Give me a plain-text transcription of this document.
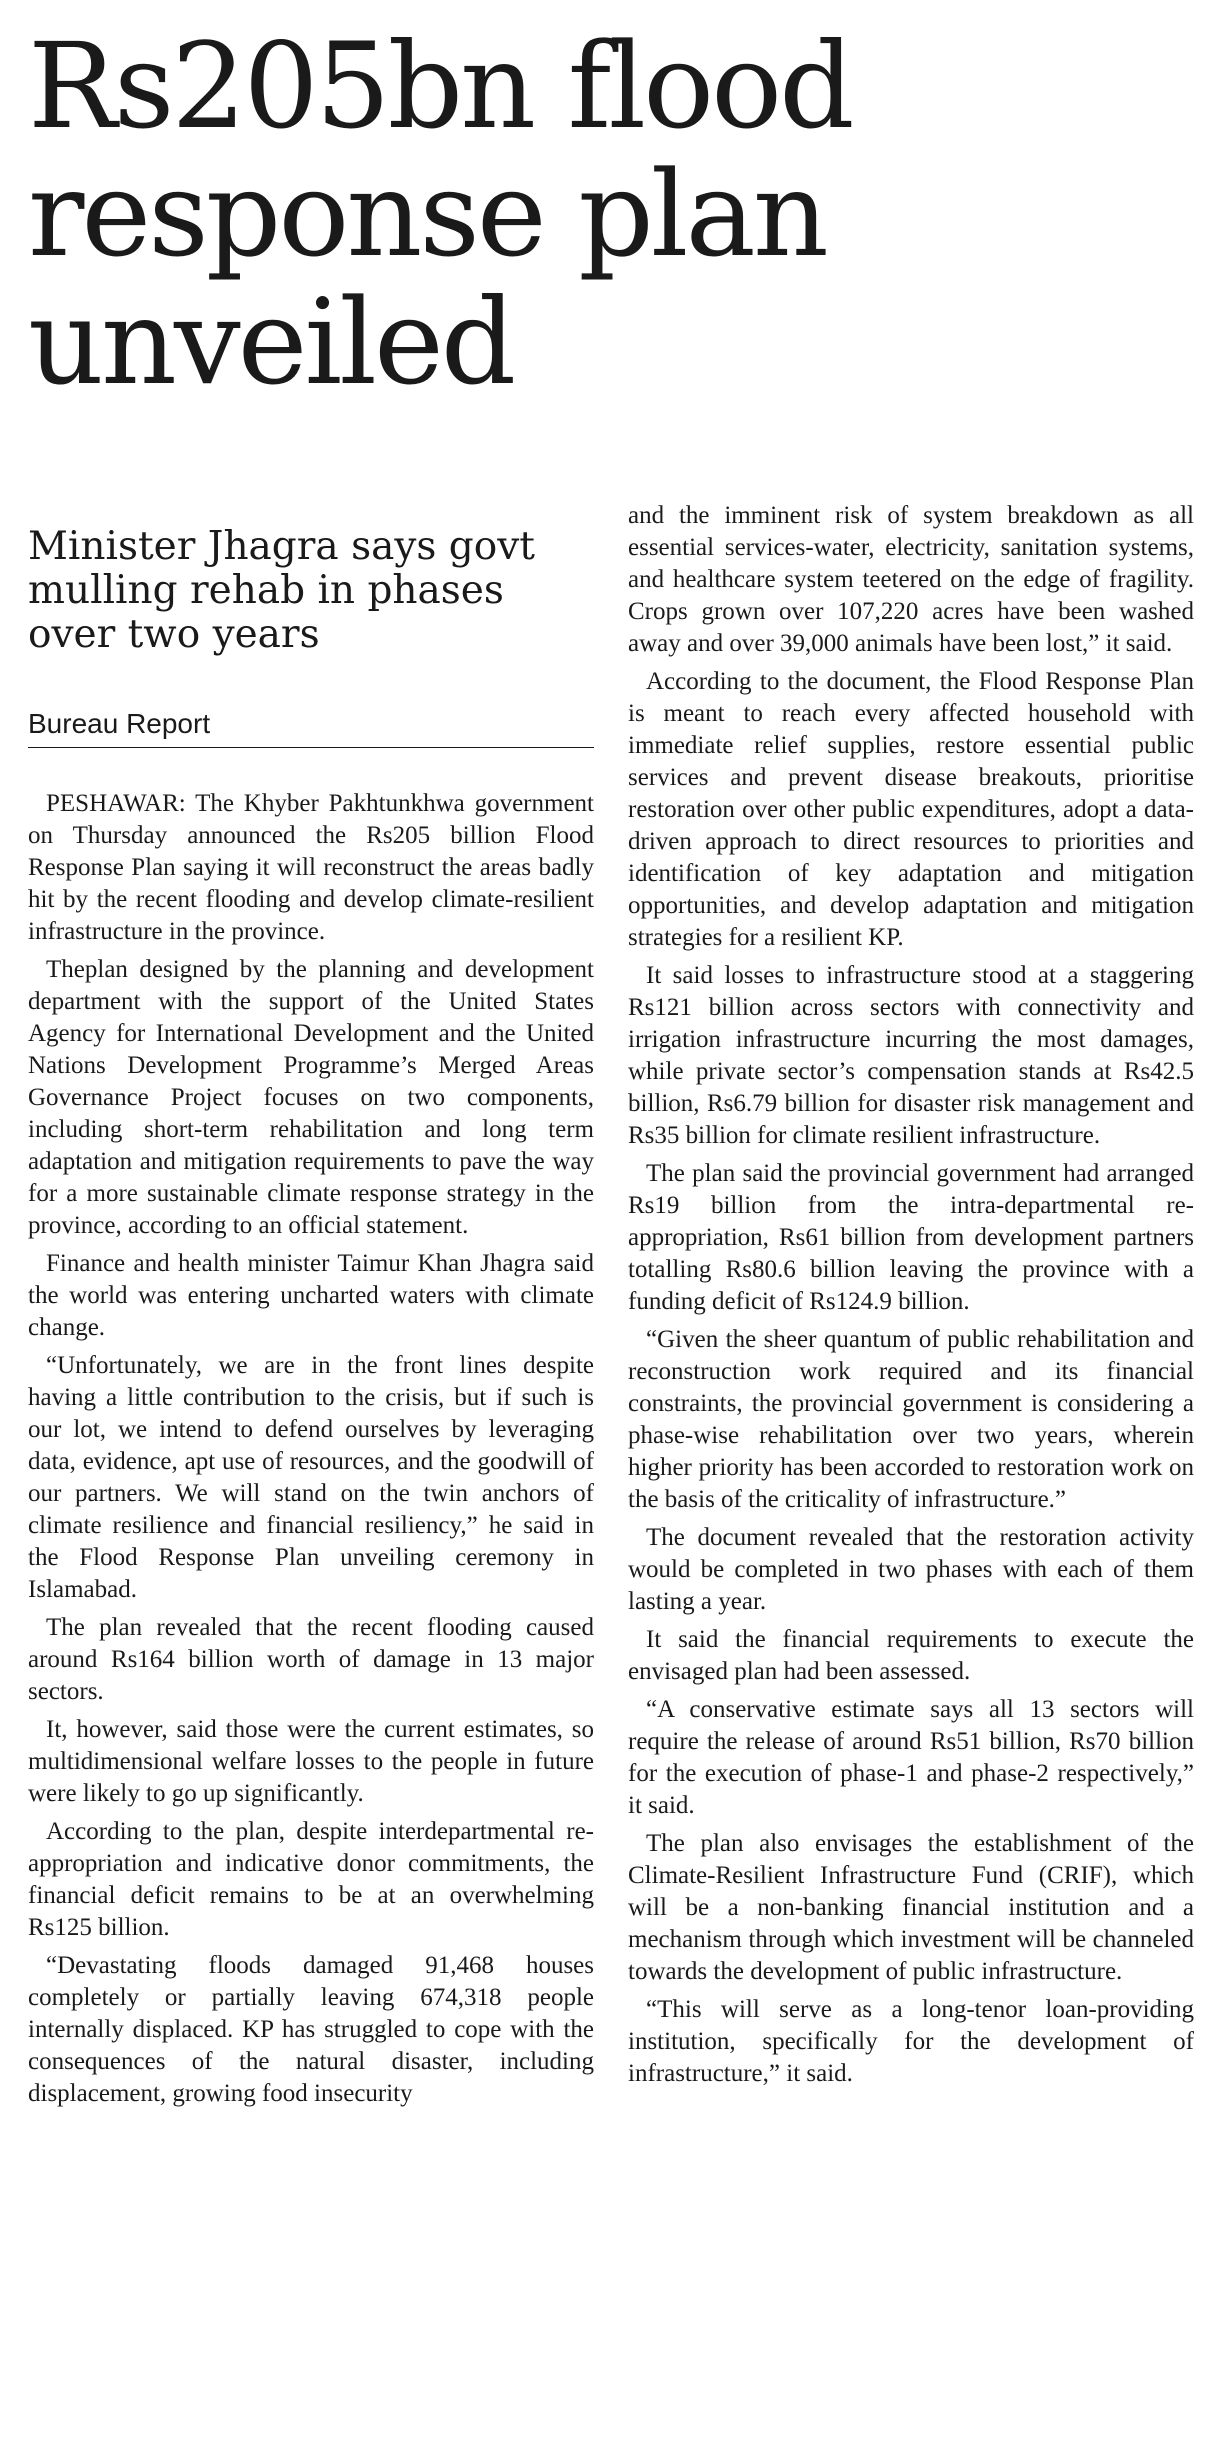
Rs205bn flood response plan unveiled
Minister Jhagra says govt mulling rehab in phases over two years
Bureau Report

PESHAWAR: The Khyber Pakhtunkhwa government on Thursday announced the Rs205 billion Flood Response Plan saying it will reconstruct the areas badly hit by the recent flooding and develop climate-resilient infrastructure in the province.

Theplan designed by the planning and development department with the support of the United States Agency for International Development and the United Nations Development Programme’s Merged Areas Governance Project focuses on two components, including short-term rehabilitation and long term adaptation and mitigation requirements to pave the way for a more sustainable climate response strategy in the province, according to an official statement.

Finance and health minister Taimur Khan Jhagra said the world was entering uncharted waters with climate change.

“Unfortunately, we are in the front lines despite having a little contribution to the crisis, but if such is our lot, we intend to defend ourselves by leveraging data, evidence, apt use of resources, and the goodwill of our partners. We will stand on the twin anchors of climate resilience and financial resiliency,” he said in the Flood Response Plan unveiling ceremony in Islamabad.

The plan revealed that the recent flooding caused around Rs164 billion worth of damage in 13 major sectors.

It, however, said those were the current estimates, so multidimensional welfare losses to the people in future were likely to go up significantly.

According to the plan, despite interdepartmental re-appropriation and indicative donor commitments, the financial deficit remains to be at an overwhelming Rs125 billion.

“Devastating floods damaged 91,468 houses completely or partially leaving 674,318 people internally displaced. KP has struggled to cope with the consequences of the natural disaster, including displacement, growing food insecurity

and the imminent risk of system breakdown as all essential services-water, electricity, sanitation systems, and healthcare system teetered on the edge of fragility. Crops grown over 107,220 acres have been washed away and over 39,000 animals have been lost,” it said.

According to the document, the Flood Response Plan is meant to reach every affected household with immediate relief supplies, restore essential public services and prevent disease breakouts, prioritise restoration over other public expenditures, adopt a data-driven approach to direct resources to priorities and identification of key adaptation and mitigation opportunities, and develop adaptation and mitigation strategies for a resilient KP.

It said losses to infrastructure stood at a staggering Rs121 billion across sectors with connectivity and irrigation infrastructure incurring the most damages, while private sector’s compensation stands at Rs42.5 billion, Rs6.79 billion for disaster risk management and Rs35 billion for climate resilient infrastructure.

The plan said the provincial government had arranged Rs19 billion from the intra-departmental re-appropriation, Rs61 billion from development partners totalling Rs80.6 billion leaving the province with a funding deficit of Rs124.9 billion.

“Given the sheer quantum of public rehabilitation and reconstruction work required and its financial constraints, the provincial government is considering a phase-wise rehabilitation over two years, wherein higher priority has been accorded to restoration work on the basis of the criticality of infrastructure.”

The document revealed that the restoration activity would be completed in two phases with each of them lasting a year.

It said the financial requirements to execute the envisaged plan had been assessed.

“A conservative estimate says all 13 sectors will require the release of around Rs51 billion, Rs70 billion for the execution of phase-1 and phase-2 respectively,” it said.

The plan also envisages the establishment of the Climate-Resilient Infrastructure Fund (CRIF), which will be a non-banking financial institution and a mechanism through which investment will be channeled towards the development of public infrastructure.

“This will serve as a long-tenor loan-providing institution, specifically for the development of infrastructure,” it said.
